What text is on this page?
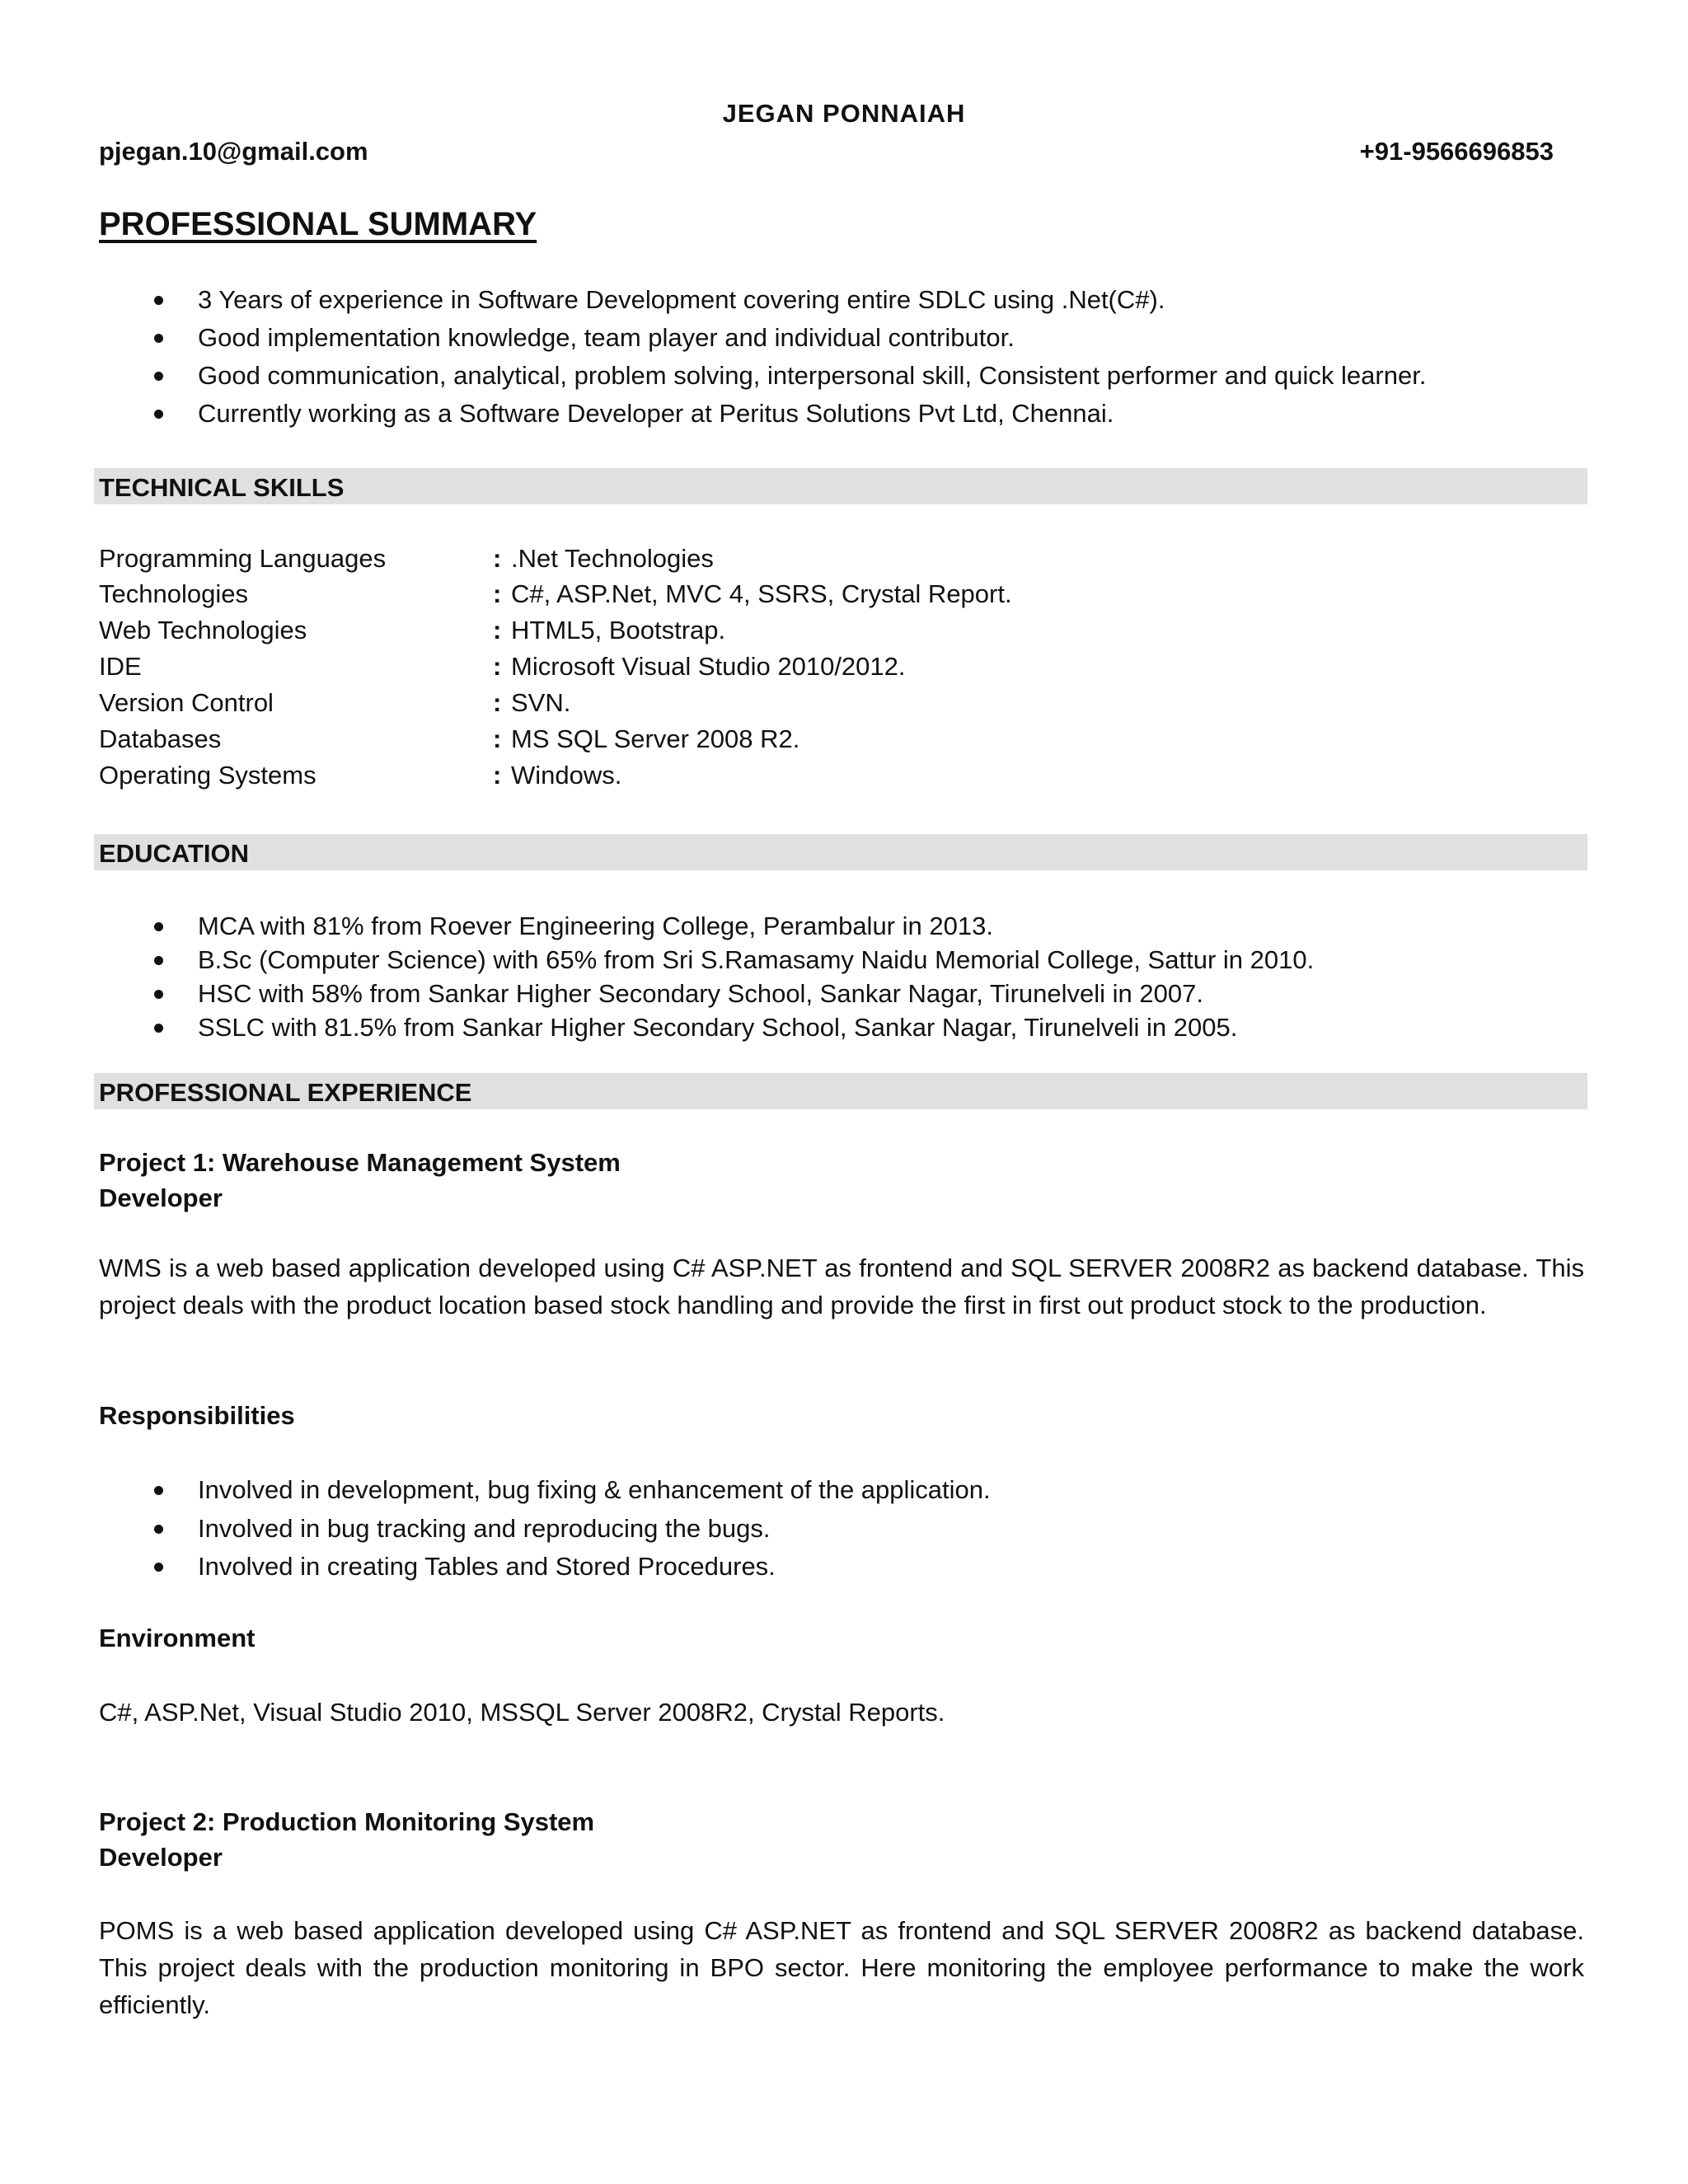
JEGAN PONNAIAH
pjegan.10@gmail.com	+91-9566696853
PROFESSIONAL SUMMARY
3 Years of experience in Software Development covering entire SDLC using .Net(C#).
Good implementation knowledge, team player and individual contributor.
Good communication, analytical, problem solving, interpersonal skill, Consistent performer and quick learner.
Currently working as a Software Developer at Peritus Solutions Pvt Ltd, Chennai.
TECHNICAL SKILLS
Programming Languages	: .Net Technologies
Technologies	: C#, ASP.Net, MVC 4, SSRS, Crystal Report.
Web Technologies	: HTML5, Bootstrap.
IDE	: Microsoft Visual Studio 2010/2012.
Version Control	: SVN.
Databases	: MS SQL Server 2008 R2.
Operating Systems	: Windows.
EDUCATION
MCA with 81% from Roever Engineering College, Perambalur in 2013.
B.Sc (Computer Science) with 65% from Sri S.Ramasamy Naidu Memorial College, Sattur in 2010.
HSC with 58% from Sankar Higher Secondary School, Sankar Nagar, Tirunelveli in 2007.
SSLC with 81.5% from Sankar Higher Secondary School, Sankar Nagar, Tirunelveli in 2005.
PROFESSIONAL EXPERIENCE
Project 1: Warehouse Management System
Developer
WMS is a web based application developed using C# ASP.NET as frontend and SQL SERVER 2008R2 as backend database. This project deals with the product location based stock handling and provide the first in first out product stock to the production.
Responsibilities
Involved in development, bug fixing & enhancement of the application.
Involved in bug tracking and reproducing the bugs.
Involved in creating Tables and Stored Procedures.
Environment
C#, ASP.Net, Visual Studio 2010, MSSQL Server 2008R2, Crystal Reports.
Project 2: Production Monitoring System
Developer
POMS is a web based application developed using C# ASP.NET as frontend and SQL SERVER 2008R2 as backend database. This project deals with the production monitoring in BPO sector. Here monitoring the employee performance to make the work efficiently.
